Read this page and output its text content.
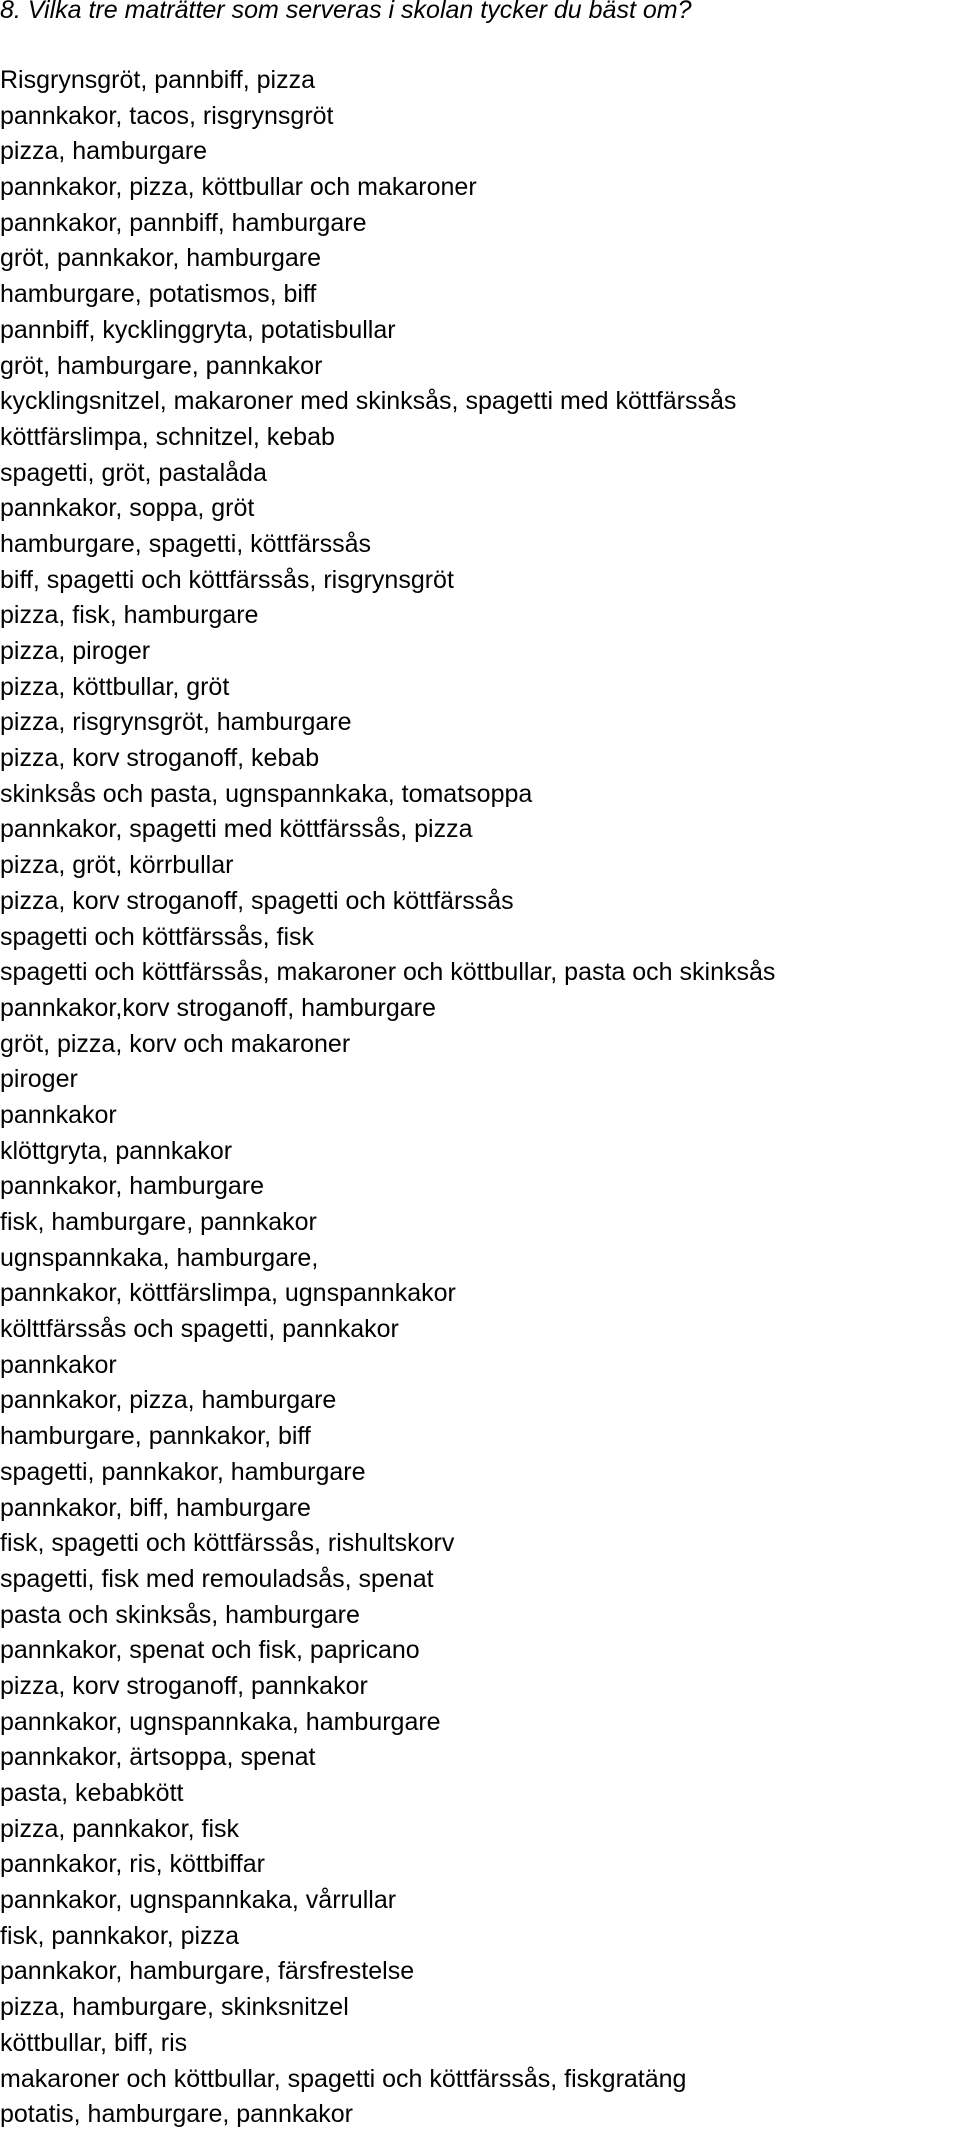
8. Vilka tre maträtter som serveras i skolan tycker du bäst om?
Risgrynsgröt, pannbiff, pizza
pannkakor, tacos, risgrynsgröt
pizza, hamburgare
pannkakor, pizza, köttbullar och makaroner
pannkakor, pannbiff, hamburgare
gröt, pannkakor, hamburgare
hamburgare, potatismos, biff
pannbiff, kycklinggryta, potatisbullar
gröt, hamburgare, pannkakor
kycklingsnitzel, makaroner med skinksås, spagetti med köttfärssås
köttfärslimpa, schnitzel, kebab
spagetti, gröt, pastalåda
pannkakor, soppa, gröt
hamburgare, spagetti, köttfärssås
biff, spagetti och köttfärssås, risgrynsgröt
pizza, fisk, hamburgare
pizza, piroger
pizza, köttbullar, gröt
pizza, risgrynsgröt, hamburgare
pizza, korv stroganoff, kebab
skinksås och pasta, ugnspannkaka, tomatsoppa
pannkakor, spagetti med köttfärssås, pizza
pizza, gröt, körrbullar
pizza, korv stroganoff, spagetti och köttfärssås
spagetti och köttfärssås, fisk
spagetti och köttfärssås, makaroner och köttbullar, pasta och skinksås
pannkakor,korv stroganoff, hamburgare
gröt, pizza, korv och makaroner
piroger
pannkakor
klöttgryta, pannkakor
pannkakor, hamburgare
fisk, hamburgare, pannkakor
ugnspannkaka, hamburgare,
pannkakor, köttfärslimpa, ugnspannkakor
költtfärssås och spagetti, pannkakor
pannkakor
pannkakor, pizza, hamburgare
hamburgare, pannkakor, biff
spagetti, pannkakor, hamburgare
pannkakor, biff, hamburgare
fisk, spagetti och köttfärssås, rishultskorv
spagetti, fisk med remouladsås, spenat
pasta och skinksås, hamburgare
pannkakor, spenat och fisk, papricano
pizza, korv stroganoff, pannkakor
pannkakor, ugnspannkaka, hamburgare
pannkakor, ärtsoppa, spenat
pasta, kebabkött
pizza, pannkakor, fisk
pannkakor, ris, köttbiffar
pannkakor, ugnspannkaka, vårrullar
fisk, pannkakor, pizza
pannkakor, hamburgare, färsfrestelse
pizza, hamburgare, skinksnitzel
köttbullar, biff, ris
makaroner och köttbullar, spagetti och köttfärssås, fiskgratäng
potatis, hamburgare, pannkakor
